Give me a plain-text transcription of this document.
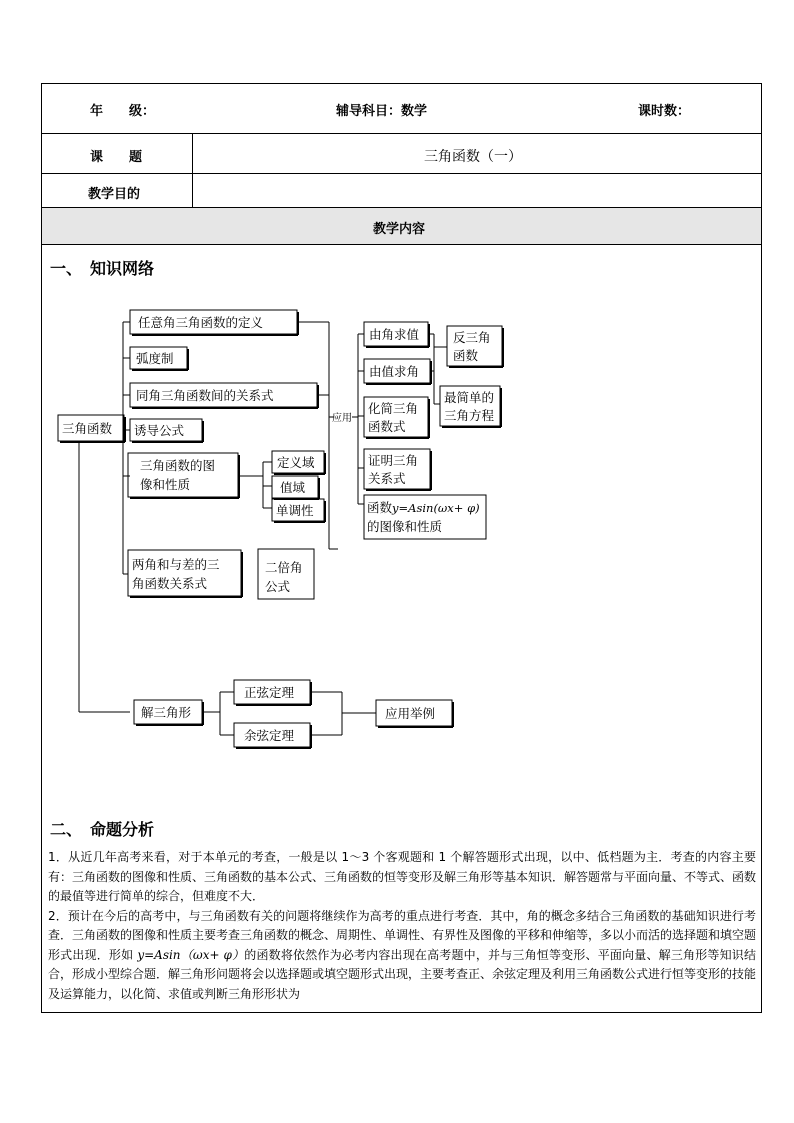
年　　级：	辅导科目：数学	课时数：
课　　题	三角函数（一）
教学目的
教学内容
一、　知识网络
三角函数
任意角三角函数的定义
弧度制
同角三角函数间的关系式
诱导公式
三角函数的图
像和性质
定义域
值域
单调性
两角和与差的三
角函数关系式
二倍角
公式
应用
由角求值
由值求角
反三角
函数
化简三角
函数式
最简单的
三角方程
证明三角
关系式
函数y=Asin(ωx+ φ)
的图像和性质
解三角形
正弦定理
余弦定理
应用举例
二、　命题分析

1．从近几年高考来看，对于本单元的考查，一般是以 1～3 个客观题和 1 个解答题形式出现，以中、低档题为主．考查的内容主要有：三角函数的图像和性质、三角函数的基本公式、三角函数的恒等变形及解三角形等基本知识．解答题常与平面向量、不等式、函数的最值等进行简单的综合，但难度不大．

2．预计在今后的高考中，与三角函数有关的问题将继续作为高考的重点进行考查．其中，角的概念多结合三角函数的基础知识进行考查．三角函数的图像和性质主要考查三角函数的概念、周期性、单调性、有界性及图像的平移和伸缩等，多以小而活的选择题和填空题形式出现．形如 y=Asin（ωx+ φ）的函数将依然作为必考内容出现在高考题中，并与三角恒等变形、平面向量、解三角形等知识结合，形成小型综合题．解三角形问题将会以选择题或填空题形式出现，主要考查正、余弦定理及利用三角函数公式进行恒等变形的技能及运算能力，以化简、求值或判断三角形形状为
